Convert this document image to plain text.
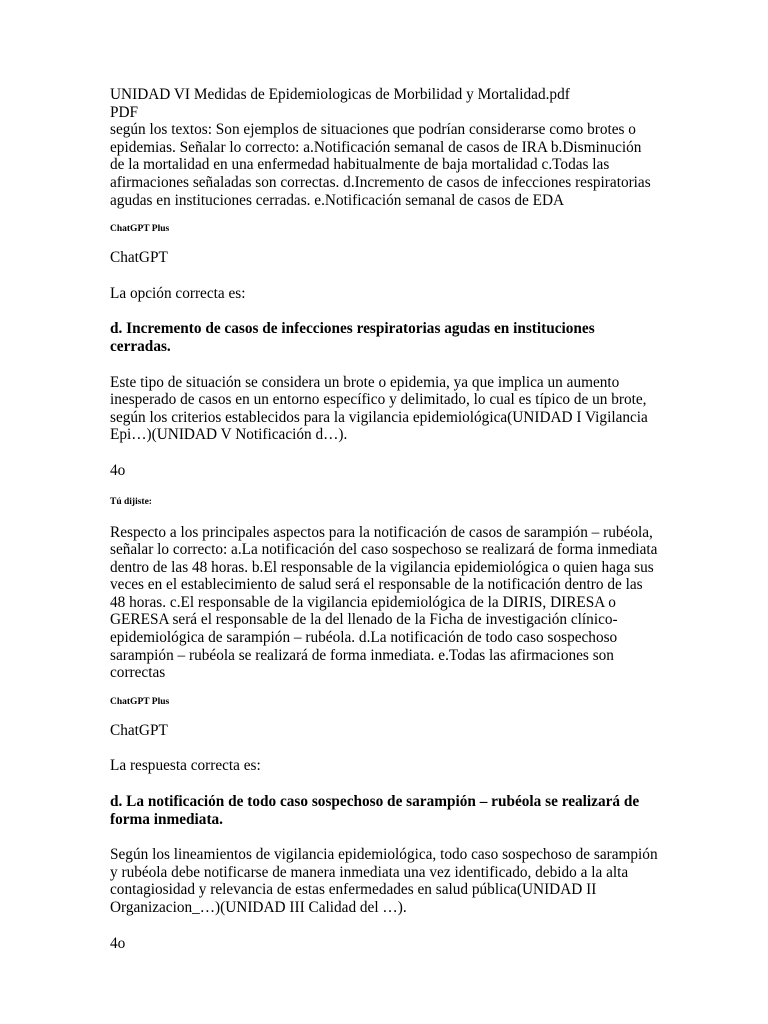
UNIDAD VI Medidas de Epidemiologicas de Morbilidad y Mortalidad.pdf

PDF

según los textos: Son ejemplos de situaciones que podrían considerarse como brotes o epidemias. Señalar lo correcto: a.Notificación semanal de casos de IRA b.Disminución de la mortalidad en una enfermedad habitualmente de baja mortalidad c.Todas las afirmaciones señaladas son correctas. d.Incremento de casos de infecciones respiratorias agudas en instituciones cerradas. e.Notificación semanal de casos de EDA

ChatGPT Plus

ChatGPT

La opción correcta es:

d. Incremento de casos de infecciones respiratorias agudas en instituciones cerradas.

Este tipo de situación se considera un brote o epidemia, ya que implica un aumento inesperado de casos en un entorno específico y delimitado, lo cual es típico de un brote, según los criterios establecidos para la vigilancia epidemiológica(UNIDAD I Vigilancia Epi…)(UNIDAD V Notificación d…).

4o

Tú dijiste:

Respecto a los principales aspectos para la notificación de casos de sarampión – rubéola, señalar lo correcto: a.La notificación del caso sospechoso se realizará de forma inmediata dentro de las 48 horas. b.El responsable de la vigilancia epidemiológica o quien haga sus veces en el establecimiento de salud será el responsable de la notificación dentro de las 48 horas. c.El responsable de la vigilancia epidemiológica de la DIRIS, DIRESA o GERESA será el responsable de la del llenado de la Ficha de investigación clínico-epidemiológica de sarampión – rubéola. d.La notificación de todo caso sospechoso sarampión – rubéola se realizará de forma inmediata. e.Todas las afirmaciones son correctas

ChatGPT Plus

ChatGPT

La respuesta correcta es:

d. La notificación de todo caso sospechoso de sarampión – rubéola se realizará de forma inmediata.

Según los lineamientos de vigilancia epidemiológica, todo caso sospechoso de sarampión y rubéola debe notificarse de manera inmediata una vez identificado, debido a la alta contagiosidad y relevancia de estas enfermedades en salud pública(UNIDAD II Organizacion_…)(UNIDAD III Calidad del …).

4o
